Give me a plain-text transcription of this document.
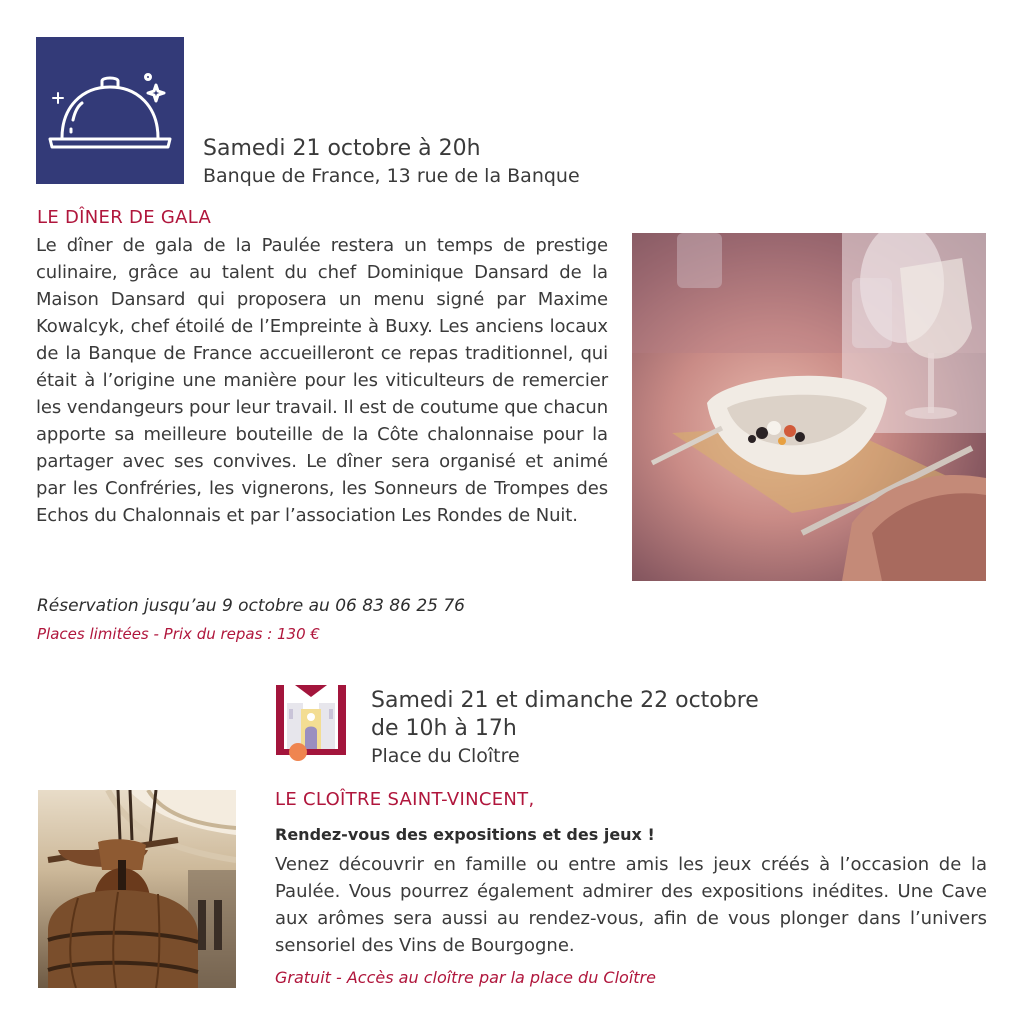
Samedi 21 octobre à 20h
Banque de France, 13 rue de la Banque
LE DÎNER DE GALA
Le dîner de gala de la Paulée restera un temps de prestige culinaire, grâce au talent du chef Dominique Dansard de la Maison Dansard qui proposera un menu signé par Maxime Kowalcyk, chef étoilé de l’Empreinte à Buxy. Les anciens locaux de la Banque de France accueilleront ce repas traditionnel, qui était à l’origine une manière pour les viticulteurs de remercier les vendangeurs pour leur travail. Il est de coutume que chacun apporte sa meilleure bouteille de la Côte chalonnaise pour la partager avec ses convives. Le dîner sera organisé et animé par les Confréries, les vignerons, les Sonneurs de Trompes des Echos du Chalonnais et par l’association Les Rondes de Nuit.
Réservation jusqu’au 9 octobre au 06 83 86 25 76
Places limitées - Prix du repas : 130 €
Samedi 21 et dimanche 22 octobre
de 10h à 17h
Place du Cloître
LE CLOÎTRE SAINT-VINCENT,
Rendez-vous des expositions et des jeux !
Venez découvrir en famille ou entre amis les jeux créés à l’occasion de la Paulée. Vous pourrez également admirer des expositions inédites. Une Cave aux arômes sera aussi au rendez-vous, afin de vous plonger dans l’univers sensoriel des Vins de Bourgogne.
Gratuit - Accès au cloître par la place du Cloître
